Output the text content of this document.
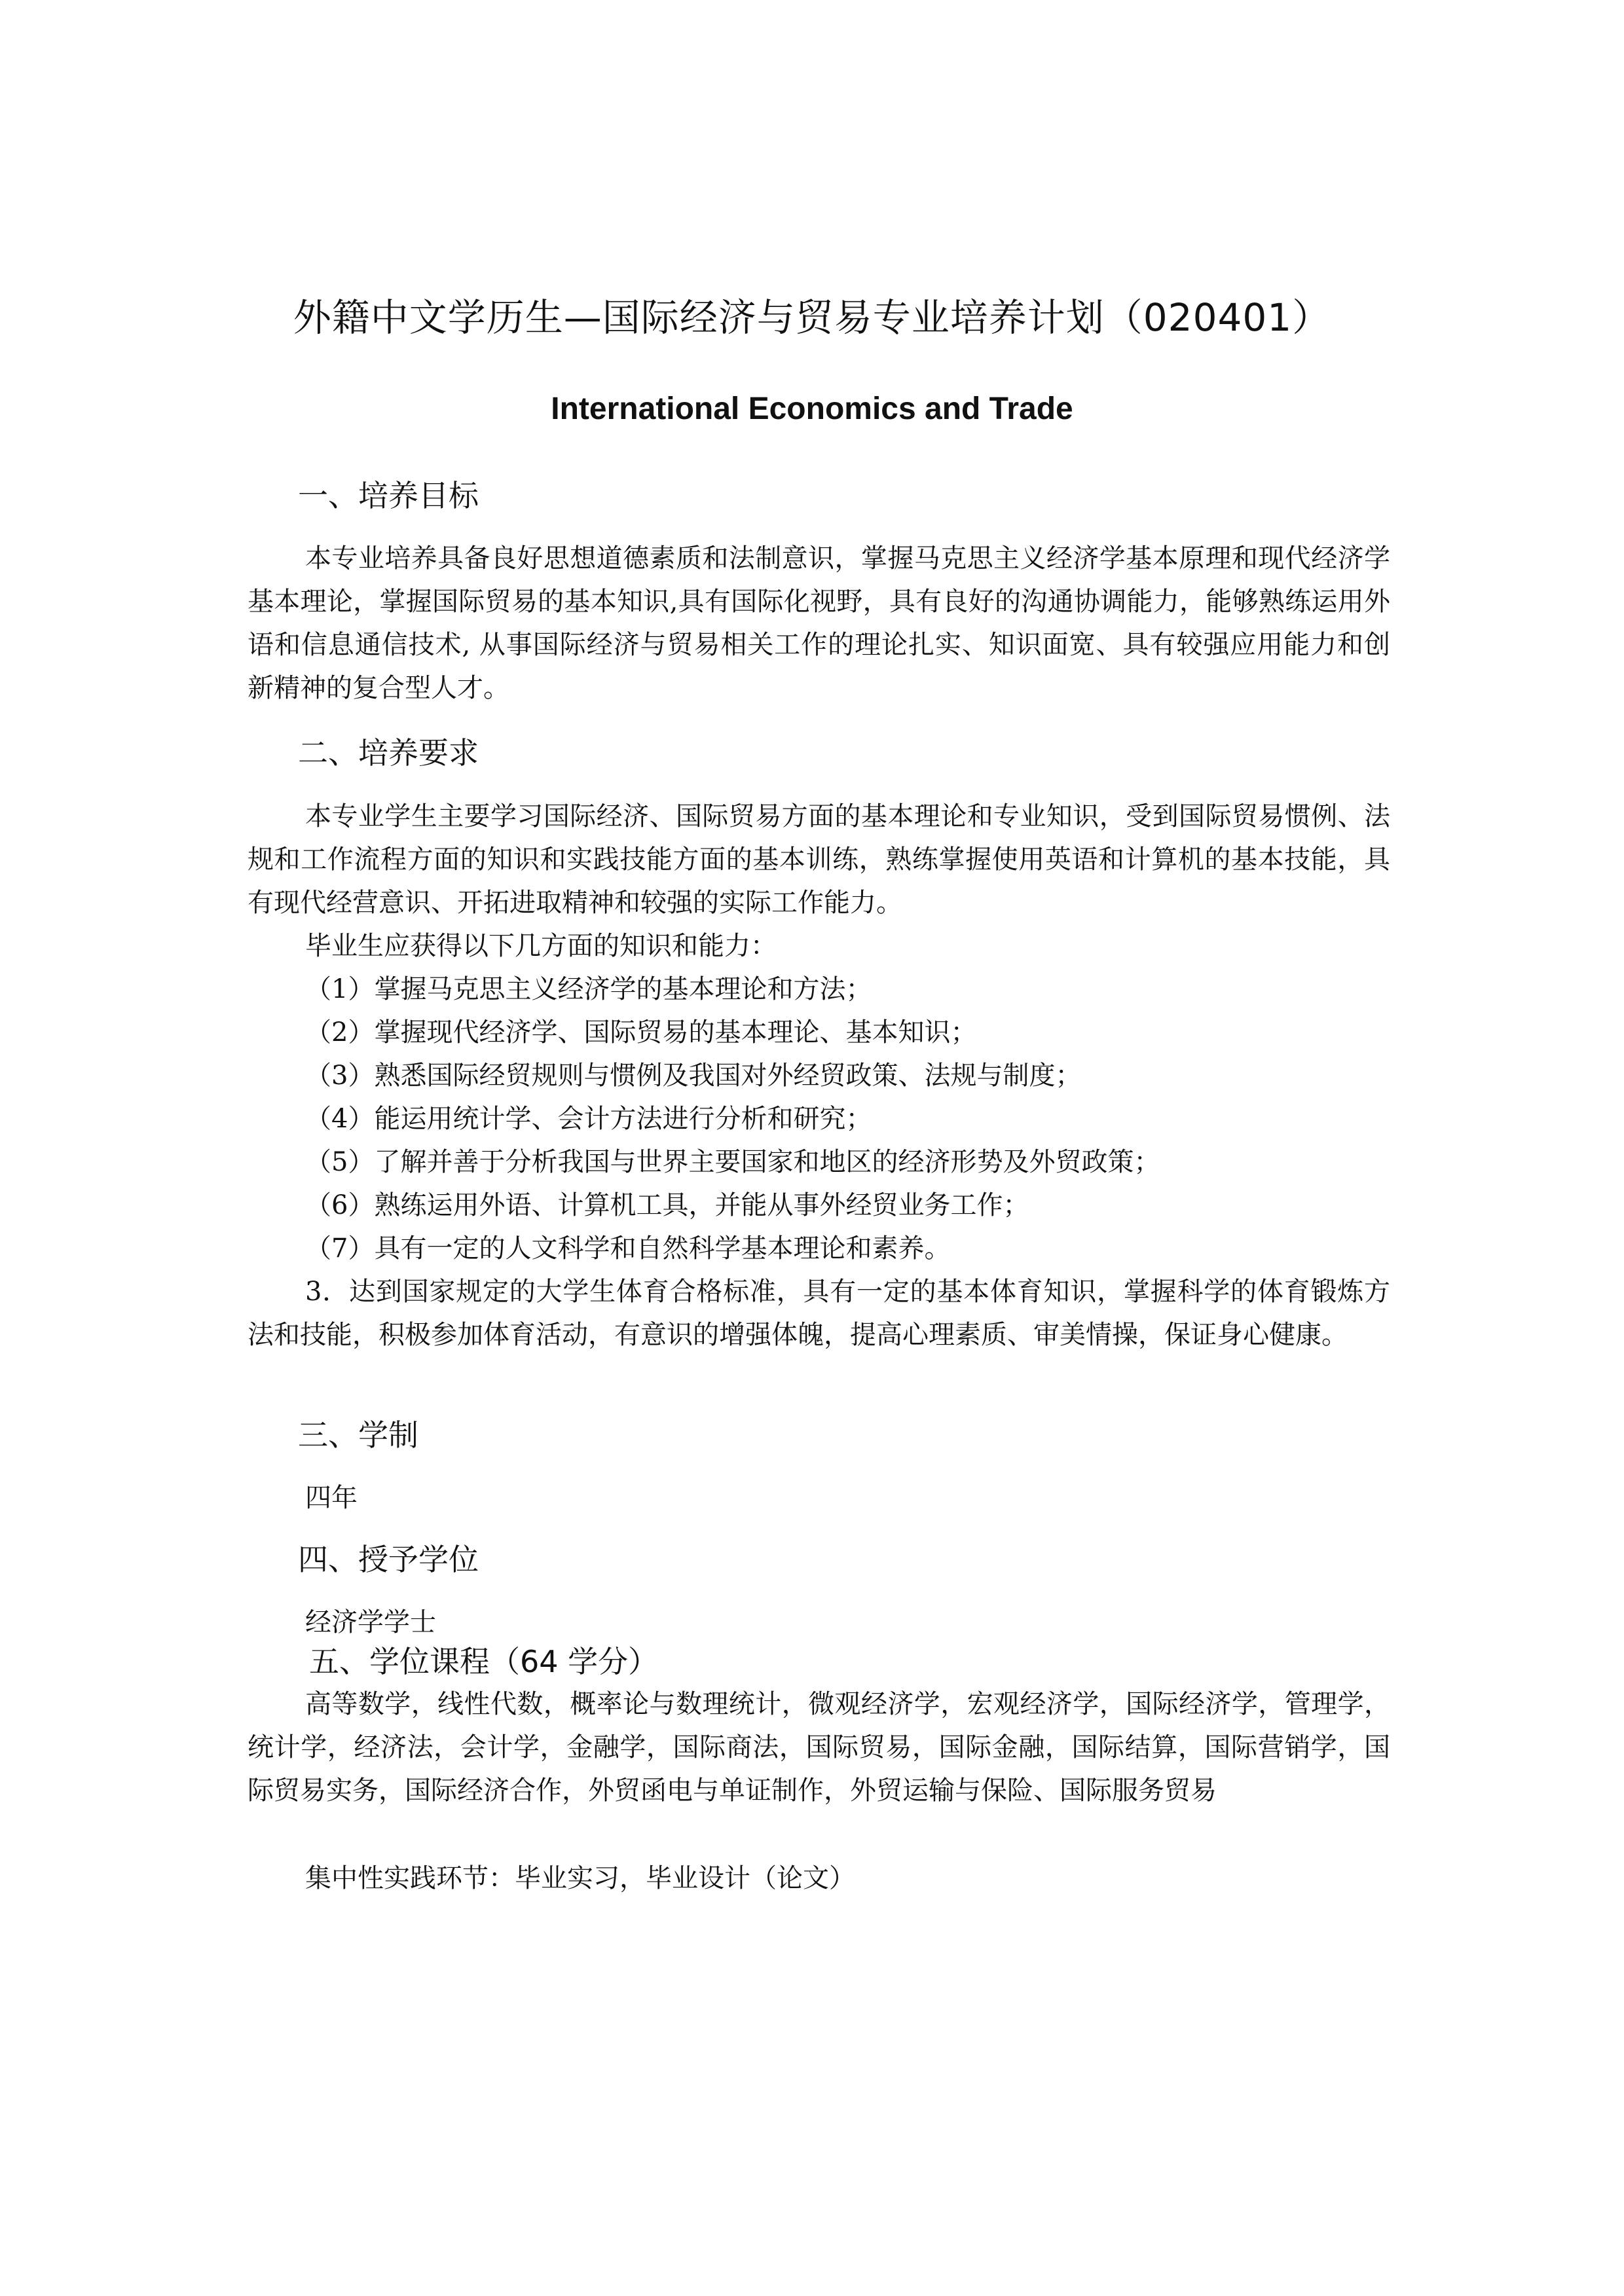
外籍中文学历生—国际经济与贸易专业培养计划（020401）
International Economics and Trade
一、培养目标
本专业培养具备良好思想道德素质和法制意识，掌握马克思主义经济学基本原理和现代经济学基本理论，掌握国际贸易的基本知识,具有国际化视野，具有良好的沟通协调能力，能够熟练运用外语和信息通信技术, 从事国际经济与贸易相关工作的理论扎实、知识面宽、具有较强应用能力和创新精神的复合型人才。
二、培养要求
本专业学生主要学习国际经济、国际贸易方面的基本理论和专业知识，受到国际贸易惯例、法规和工作流程方面的知识和实践技能方面的基本训练，熟练掌握使用英语和计算机的基本技能，具有现代经营意识、开拓进取精神和较强的实际工作能力。
毕业生应获得以下几方面的知识和能力：
（1）掌握马克思主义经济学的基本理论和方法；
（2）掌握现代经济学、国际贸易的基本理论、基本知识；
（3）熟悉国际经贸规则与惯例及我国对外经贸政策、法规与制度；
（4）能运用统计学、会计方法进行分析和研究；
（5）了解并善于分析我国与世界主要国家和地区的经济形势及外贸政策；
（6）熟练运用外语、计算机工具，并能从事外经贸业务工作；
（7）具有一定的人文科学和自然科学基本理论和素养。
3．达到国家规定的大学生体育合格标准，具有一定的基本体育知识，掌握科学的体育锻炼方法和技能，积极参加体育活动，有意识的增强体魄，提高心理素质、审美情操，保证身心健康。
三、学制
四年
四、授予学位
经济学学士
五、学位课程（64 学分）
高等数学，线性代数，概率论与数理统计，微观经济学，宏观经济学，国际经济学，管理学，统计学，经济法，会计学，金融学，国际商法，国际贸易，国际金融，国际结算，国际营销学，国际贸易实务，国际经济合作，外贸函电与单证制作，外贸运输与保险、国际服务贸易
集中性实践环节：毕业实习，毕业设计（论文）
